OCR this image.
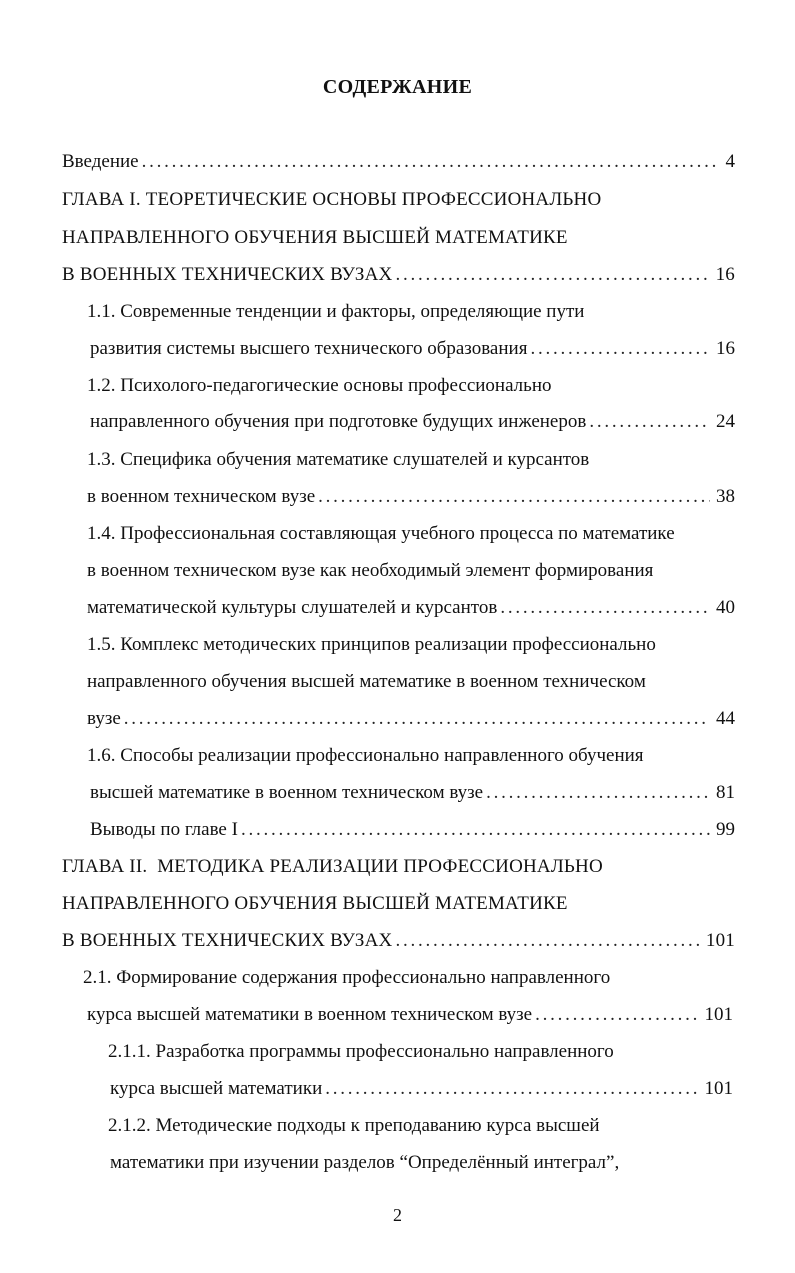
СОДЕРЖАНИЕ
Введение . . .	4
ГЛАВА I. ТЕОРЕТИЧЕСКИЕ ОСНОВЫ ПРОФЕССИОНАЛЬНО
НАПРАВЛЕННОГО ОБУЧЕНИЯ ВЫСШЕЙ МАТЕМАТИКЕ
В ВОЕННЫХ ТЕХНИЧЕСКИХ ВУЗАХ . . .	16
1.1. Современные тенденции и факторы, определяющие пути
развития системы высшего технического образования . . .	16
1.2. Психолого-педагогические основы профессионально
направленного обучения при подготовке будущих инженеров . . .	24
1.3. Специфика обучения математике слушателей и курсантов
в военном техническом вузе . . .	38
1.4. Профессиональная составляющая учебного процесса по математике
в военном техническом вузе как необходимый элемент формирования
математической культуры слушателей и курсантов . . .	40
1.5. Комплекс методических принципов реализации профессионально
направленного обучения высшей математике в военном техническом
вузе . . .	44
1.6. Способы реализации профессионально направленного обучения
высшей математике в военном техническом вузе . . .	81
Выводы по главе I . . .	99
ГЛАВА II.  МЕТОДИКА РЕАЛИЗАЦИИ ПРОФЕССИОНАЛЬНО
НАПРАВЛЕННОГО ОБУЧЕНИЯ ВЫСШЕЙ МАТЕМАТИКЕ
В ВОЕННЫХ ТЕХНИЧЕСКИХ ВУЗАХ . . .	101
2.1. Формирование содержания профессионально направленного
курса высшей математики в военном техническом вузе . . .	101
2.1.1. Разработка программы профессионально направленного
курса высшей математики . . .	101
2.1.2. Методические подходы к преподаванию курса высшей
математики при изучении разделов “Определённый интеграл”,
2
